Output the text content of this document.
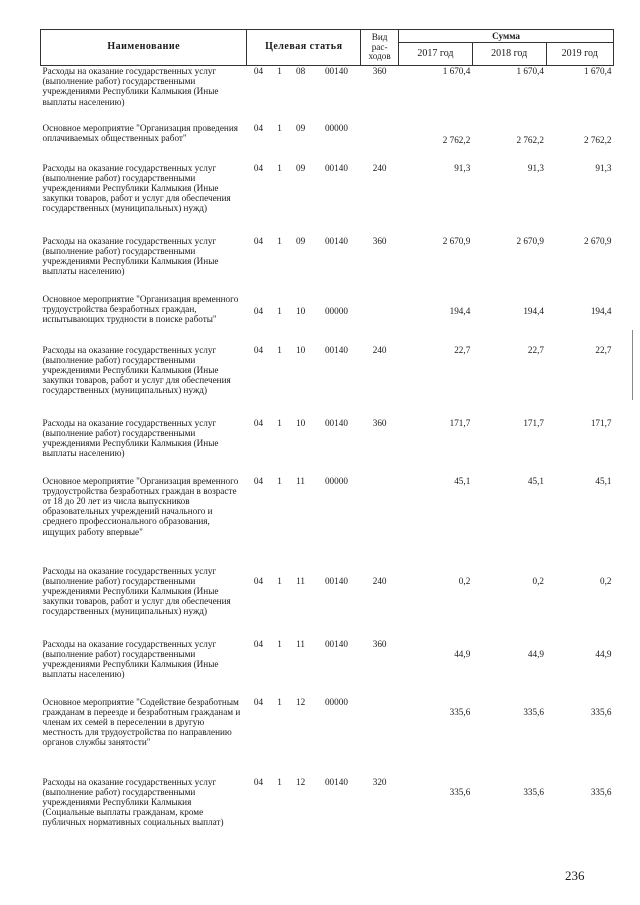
Наименование	Целевая статья				Вид
рас-
ходов	Сумма		
						2017 год	2018 год	2019 год
Расходы на оказание государственных услуг (выполнение работ) государственными учреждениями Республики Калмыкия (Иные выплаты населению)	04	1	08	00140	360	1 670,4	1 670,4	1 670,4
Основное мероприятие "Организация проведения оплачиваемых общественных работ"	04	1	09	00000		2 762,2	2 762,2	2 762,2
Расходы на оказание государственных услуг (выполнение работ) государственными учреждениями Республики Калмыкия (Иные закупки товаров, работ и услуг для обеспечения государственных (муниципальных) нужд)	04	1	09	00140	240	91,3	91,3	91,3
Расходы на оказание государственных услуг (выполнение работ) государственными учреждениями Республики Калмыкия (Иные выплаты населению)	04	1	09	00140	360	2 670,9	2 670,9	2 670,9
Основное мероприятие "Организация временного трудоустройства безработных граждан, испытывающих трудности в поиске работы"	04	1	10	00000		194,4	194,4	194,4
Расходы на оказание государственных услуг (выполнение работ) государственными учреждениями Республики Калмыкия (Иные закупки товаров, работ и услуг для обеспечения государственных (муниципальных) нужд)	04	1	10	00140	240	22,7	22,7	22,7
Расходы на оказание государственных услуг (выполнение работ) государственными учреждениями Республики Калмыкия (Иные выплаты населению)	04	1	10	00140	360	171,7	171,7	171,7
Основное мероприятие "Организация временного трудоустройства безработных граждан в возрасте от 18 до 20 лет из числа выпускников образовательных учреждений начального и среднего профессионального образования, ищущих работу впервые"	04	1	11	00000		45,1	45,1	45,1
Расходы на оказание государственных услуг (выполнение работ) государственными учреждениями Республики Калмыкия (Иные закупки товаров, работ и услуг для обеспечения государственных (муниципальных) нужд)	04	1	11	00140	240	0,2	0,2	0,2
Расходы на оказание государственных услуг (выполнение работ) государственными учреждениями Республики Калмыкия (Иные выплаты населению)	04	1	11	00140	360	44,9	44,9	44,9
Основное мероприятие "Содействие безработным гражданам в переезде и безработным гражданам и членам их семей в переселении в другую местность для трудоустройства по направлению органов службы занятости"	04	1	12	00000		335,6	335,6	335,6
Расходы на оказание государственных услуг (выполнение работ) государственными учреждениями Республики Калмыкия (Социальные выплаты гражданам, кроме публичных нормативных социальных выплат)	04	1	12	00140	320	335,6	335,6	335,6
236
